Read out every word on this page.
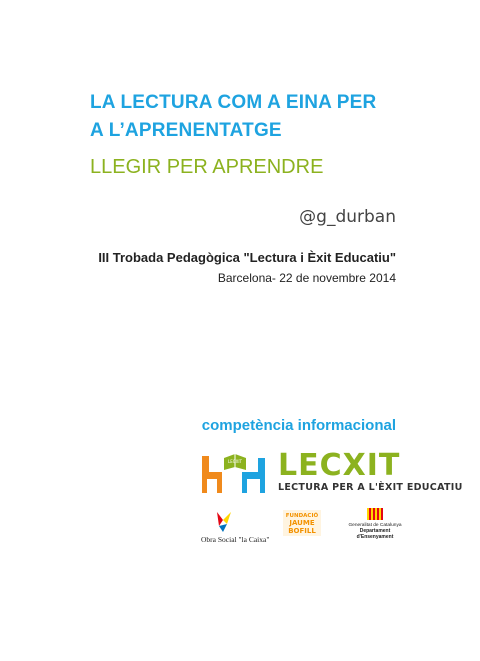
LA LECTURA COM A EINA PER
A L’APRENENTATGE
LLEGIR PER APRENDRE
@g_durban
III Trobada Pedagògica "Lectura i Èxit Educatiu"
Barcelona- 22 de novembre 2014
competència informacional
LECXIT LECXIT
LECTURA PER A L'ÈXIT EDUCATIU
Obra Social "la Caixa"
FUNDACIÓ
JAUME
BOFILL
Generalitat de Catalunya
Departament
d'Ensenyament
